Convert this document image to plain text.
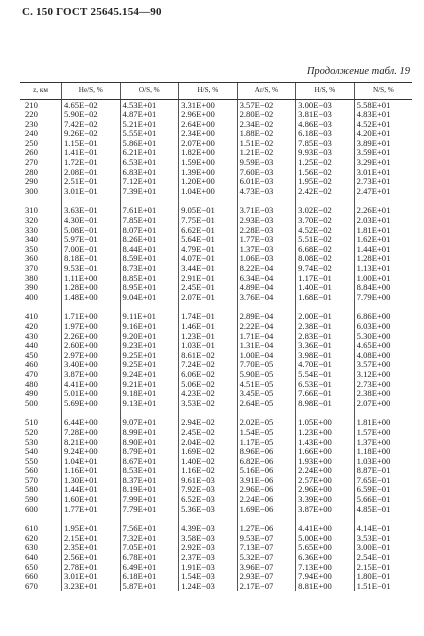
С. 150 ГОСТ 25645.154—90
Продолжение табл. 19
z, км	He/S, %	O/S, %	H/S, %	Ar/S, %	H/S, %	N/S, %
210	4.65E−02	4.53E+01	3.31E+00	3.57E−02	3.00E−03	5.58E+01
220	5.90E−02	4.87E+01	2.96E+00	2.80E−02	3.81E−03	4.83E+01
230	7.42E−02	5.21E+01	2.64E+00	2.34E−02	4.86E−03	4.52E+01
240	9.26E−02	5.55E+01	2.34E+00	1.88E−02	6.18E−03	4.20E+01
250	1.15E−01	5.86E+01	2.07E+00	1.51E−02	7.85E−03	3.89E+01
260	1.41E−01	6.21E+01	1.82E+00	1.21E−02	9.93E−03	3.59E+01
270	1.72E−01	6.53E+01	1.59E+00	9.59E−03	1.25E−02	3.29E+01
280	2.08E−01	6.83E+01	1.39E+00	7.60E−03	1.56E−02	3.01E+01
290	2.51E−01	7.12E+01	1.20E+00	6.01E−03	1.95E−02	2.73E+01
300	3.01E−01	7.39E+01	1.04E+00	4.73E−03	2.42E−02	2.47E+01

310	3.63E−01	7.61E+01	9.05E−01	3.71E−03	3.02E−02	2.26E+01
320	4.30E−01	7.85E+01	7.75E−01	2.93E−03	3.70E−02	2.03E+01
330	5.08E−01	8.07E+01	6.62E−01	2.28E−03	4.52E−02	1.81E+01
340	5.97E−01	8.26E+01	5.64E−01	1.77E−03	5.51E−02	1.62E+01
350	7.00E−01	8.44E+01	4.79E−01	1.37E−03	6.68E−02	1.44E+01
360	8.18E−01	8.59E+01	4.07E−01	1.06E−03	8.08E−02	1.28E+01
370	9.53E−01	8.73E+01	3.44E−01	8.22E−04	9.74E−02	1.13E+01
380	1.11E+00	8.85E+01	2.91E−01	6.34E−04	1.17E−01	1.00E+01
390	1.28E+00	8.95E+01	2.45E−01	4.89E−04	1.40E−01	8.84E+00
400	1.48E+00	9.04E+01	2.07E−01	3.76E−04	1.68E−01	7.79E+00

410	1.71E+00	9.11E+01	1.74E−01	2.89E−04	2.00E−01	6.86E+00
420	1.97E+00	9.16E+01	1.46E−01	2.22E−04	2.38E−01	6.03E+00
430	2.26E+00	9.20E+01	1.23E−01	1.71E−04	2.83E−01	5.30E+00
440	2.60E+00	9.23E+01	1.03E−01	1.31E−04	3.36E−01	4.65E+00
450	2.97E+00	9.25E+01	8.61E−02	1.00E−04	3.98E−01	4.08E+00
460	3.40E+00	9.25E+01	7.24E−02	7.70E−05	4.70E−01	3.57E+00
470	3.87E+00	9.24E+01	6.06E−02	5.90E−05	5.54E−01	3.12E+00
480	4.41E+00	9.21E+01	5.06E−02	4.51E−05	6.53E−01	2.73E+00
490	5.01E+00	9.18E+01	4.23E−02	3.45E−05	7.66E−01	2.38E+00
500	5.69E+00	9.13E+01	3.53E−02	2.64E−05	8.98E−01	2.07E+00

510	6.44E+00	9.07E+01	2.94E−02	2.02E−05	1.05E+00	1.81E+00
520	7.28E+00	8.99E+01	2.45E−02	1.54E−05	1.23E+00	1.57E+00
530	8.21E+00	8.90E+01	2.04E−02	1.17E−05	1.43E+00	1.37E+00
540	9.24E+00	8.79E+01	1.69E−02	8.96E−06	1.66E+00	1.18E+00
550	1.04E+01	8.67E+01	1.40E−02	6.82E−06	1.93E+00	1.03E+00
560	1.16E+01	8.53E+01	1.16E−02	5.16E−06	2.24E+00	8.87E−01
570	1.30E+01	8.37E+01	9.61E−03	3.91E−06	2.57E+00	7.65E−01
580	1.44E+01	8.19E+01	7.92E−03	2.96E−06	2.96E+00	6.59E−01
590	1.60E+01	7.99E+01	6.52E−03	2.24E−06	3.39E+00	5.66E−01
600	1.77E+01	7.79E+01	5.36E−03	1.69E−06	3.87E+00	4.85E−01

610	1.95E+01	7.56E+01	4.39E−03	1.27E−06	4.41E+00	4.14E−01
620	2.15E+01	7.32E+01	3.58E−03	9.53E−07	5.00E+00	3.53E−01
630	2.35E+01	7.05E+01	2.92E−03	7.13E−07	5.65E+00	3.00E−01
640	2.56E+01	6.78E+01	2.37E−03	5.32E−07	6.36E+00	2.54E−01
650	2.78E+01	6.49E+01	1.91E−03	3.96E−07	7.13E+00	2.15E−01
660	3.01E+01	6.18E+01	1.54E−03	2.93E−07	7.94E+00	1.80E−01
670	3.23E+01	5.87E+01	1.24E−03	2.17E−07	8.81E+00	1.51E−01
